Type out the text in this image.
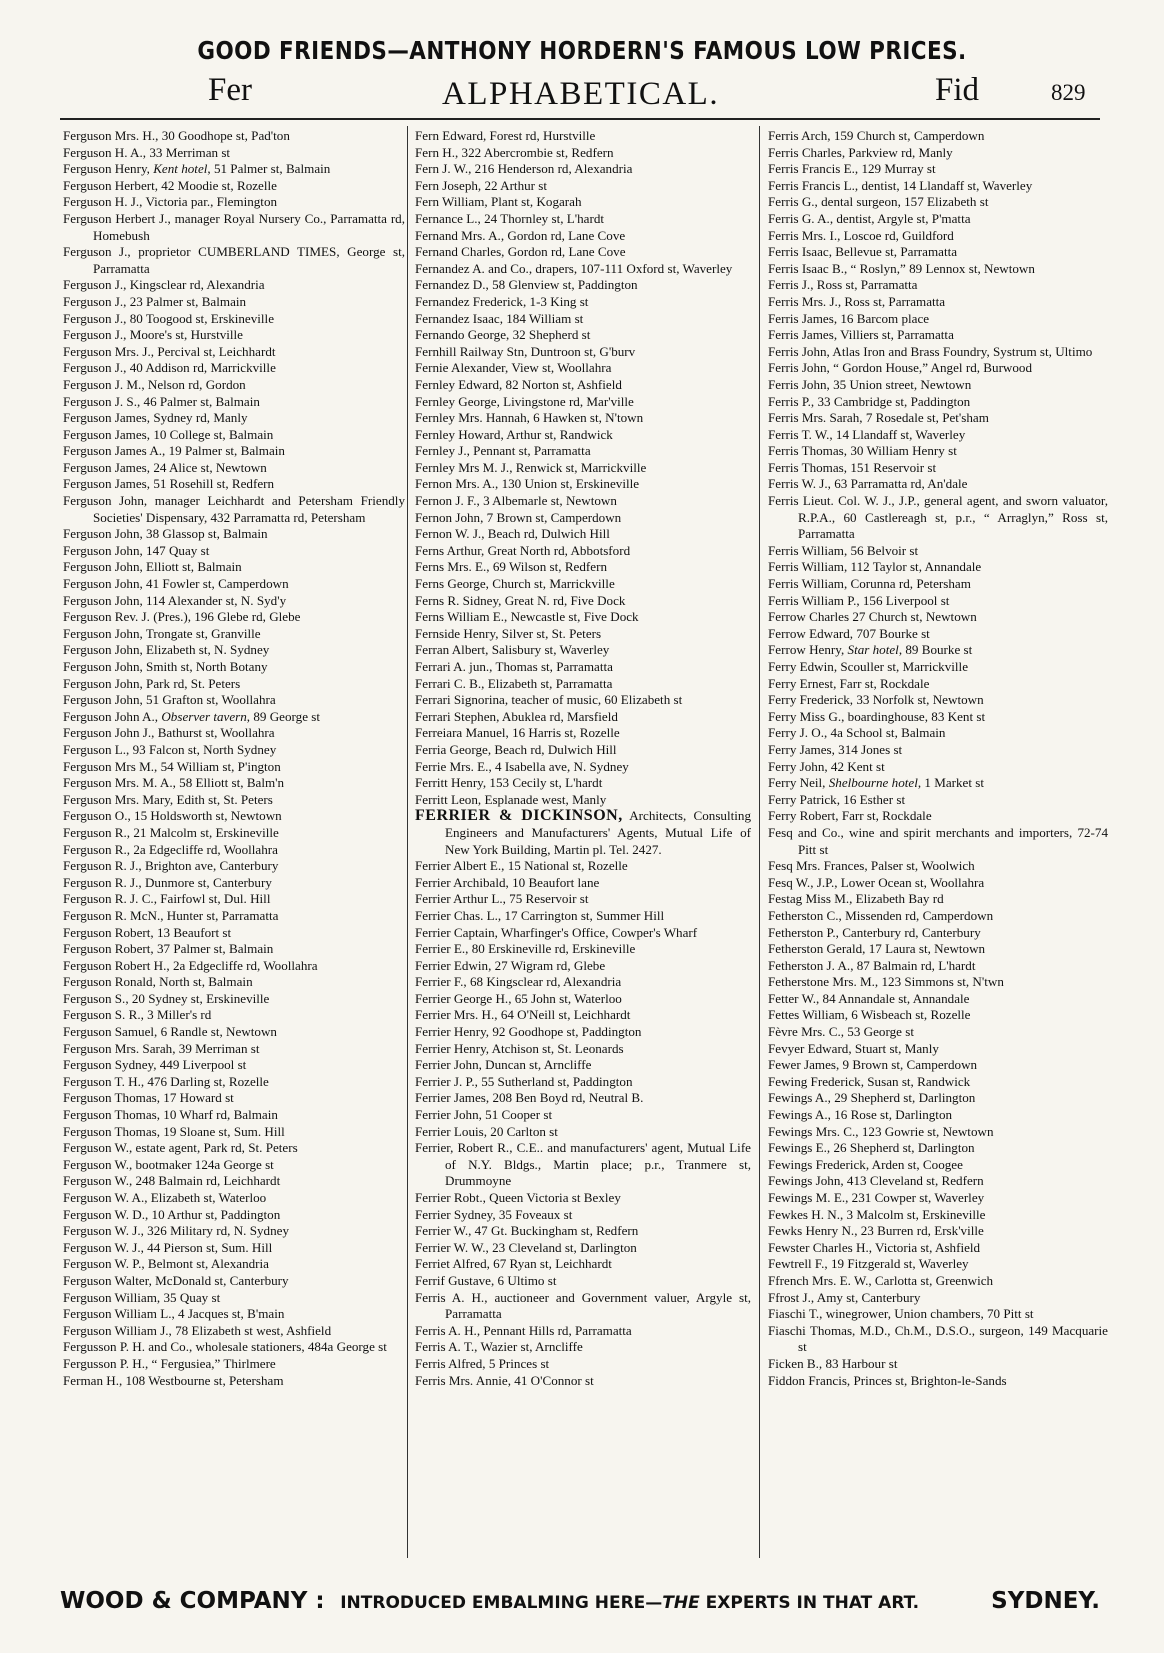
GOOD FRIENDS—ANTHONY HORDERN'S FAMOUS LOW PRICES.
Fer	ALPHABETICAL.	Fid	829
Ferguson Mrs. H., 30 Goodhope st, Pad'ton
Ferguson H. A., 33 Merriman st
Ferguson Henry, Kent hotel, 51 Palmer st, Balmain
Ferguson Herbert, 42 Moodie st, Rozelle
Ferguson H. J., Victoria par., Flemington
Ferguson Herbert J., manager Royal Nursery Co., Parramatta rd, Homebush
Ferguson J., proprietor CUMBERLAND TIMES, George st, Parramatta
Ferguson J., Kingsclear rd, Alexandria
Ferguson J., 23 Palmer st, Balmain
Ferguson J., 80 Toogood st, Erskineville
Ferguson J., Moore's st, Hurstville
Ferguson Mrs. J., Percival st, Leichhardt
Ferguson J., 40 Addison rd, Marrickville
Ferguson J. M., Nelson rd, Gordon
Ferguson J. S., 46 Palmer st, Balmain
Ferguson James, Sydney rd, Manly
Ferguson James, 10 College st, Balmain
Ferguson James A., 19 Palmer st, Balmain
Ferguson James, 24 Alice st, Newtown
Ferguson James, 51 Rosehill st, Redfern
Ferguson John, manager Leichhardt and Petersham Friendly Societies' Dispensary, 432 Parramatta rd, Petersham
Ferguson John, 38 Glassop st, Balmain
Ferguson John, 147 Quay st
Ferguson John, Elliott st, Balmain
Ferguson John, 41 Fowler st, Camperdown
Ferguson John, 114 Alexander st, N. Syd'y
Ferguson Rev. J. (Pres.), 196 Glebe rd, Glebe
Ferguson John, Trongate st, Granville
Ferguson John, Elizabeth st, N. Sydney
Ferguson John, Smith st, North Botany
Ferguson John, Park rd, St. Peters
Ferguson John, 51 Grafton st, Woollahra
Ferguson John A., Observer tavern, 89 George st
Ferguson John J., Bathurst st, Woollahra
Ferguson L., 93 Falcon st, North Sydney
Ferguson Mrs M., 54 William st, P'ington
Ferguson Mrs. M. A., 58 Elliott st, Balm'n
Ferguson Mrs. Mary, Edith st, St. Peters
Ferguson O., 15 Holdsworth st, Newtown
Ferguson R., 21 Malcolm st, Erskineville
Ferguson R., 2a Edgecliffe rd, Woollahra
Ferguson R. J., Brighton ave, Canterbury
Ferguson R. J., Dunmore st, Canterbury
Ferguson R. J. C., Fairfowl st, Dul. Hill
Ferguson R. McN., Hunter st, Parramatta
Ferguson Robert, 13 Beaufort st
Ferguson Robert, 37 Palmer st, Balmain
Ferguson Robert H., 2a Edgecliffe rd, Woollahra
Ferguson Ronald, North st, Balmain
Ferguson S., 20 Sydney st, Erskineville
Ferguson S. R., 3 Miller's rd
Ferguson Samuel, 6 Randle st, Newtown
Ferguson Mrs. Sarah, 39 Merriman st
Ferguson Sydney, 449 Liverpool st
Ferguson T. H., 476 Darling st, Rozelle
Ferguson Thomas, 17 Howard st
Ferguson Thomas, 10 Wharf rd, Balmain
Ferguson Thomas, 19 Sloane st, Sum. Hill
Ferguson W., estate agent, Park rd, St. Peters
Ferguson W., bootmaker 124a George st
Ferguson W., 248 Balmain rd, Leichhardt
Ferguson W. A., Elizabeth st, Waterloo
Ferguson W. D., 10 Arthur st, Paddington
Ferguson W. J., 326 Military rd, N. Sydney
Ferguson W. J., 44 Pierson st, Sum. Hill
Ferguson W. P., Belmont st, Alexandria
Ferguson Walter, McDonald st, Canterbury
Ferguson William, 35 Quay st
Ferguson William L., 4 Jacques st, B'main
Ferguson William J., 78 Elizabeth st west, Ashfield
Fergusson P. H. and Co., wholesale stationers, 484a George st
Fergusson P. H., “ Fergusiea,” Thirlmere
Ferman H., 108 Westbourne st, Petersham
Fern Edward, Forest rd, Hurstville
Fern H., 322 Abercrombie st, Redfern
Fern J. W., 216 Henderson rd, Alexandria
Fern Joseph, 22 Arthur st
Fern William, Plant st, Kogarah
Fernance L., 24 Thornley st, L'hardt
Fernand Mrs. A., Gordon rd, Lane Cove
Fernand Charles, Gordon rd, Lane Cove
Fernandez A. and Co., drapers, 107-111 Oxford st, Waverley
Fernandez D., 58 Glenview st, Paddington
Fernandez Frederick, 1-3 King st
Fernandez Isaac, 184 William st
Fernando George, 32 Shepherd st
Fernhill Railway Stn, Duntroon st, G'burv
Fernie Alexander, View st, Woollahra
Fernley Edward, 82 Norton st, Ashfield
Fernley George, Livingstone rd, Mar'ville
Fernley Mrs. Hannah, 6 Hawken st, N'town
Fernley Howard, Arthur st, Randwick
Fernley J., Pennant st, Parramatta
Fernley Mrs M. J., Renwick st, Marrickville
Fernon Mrs. A., 130 Union st, Erskineville
Fernon J. F., 3 Albemarle st, Newtown
Fernon John, 7 Brown st, Camperdown
Fernon W. J., Beach rd, Dulwich Hill
Ferns Arthur, Great North rd, Abbotsford
Ferns Mrs. E., 69 Wilson st, Redfern
Ferns George, Church st, Marrickville
Ferns R. Sidney, Great N. rd, Five Dock
Ferns William E., Newcastle st, Five Dock
Fernside Henry, Silver st, St. Peters
Ferran Albert, Salisbury st, Waverley
Ferrari A. jun., Thomas st, Parramatta
Ferrari C. B., Elizabeth st, Parramatta
Ferrari Signorina, teacher of music, 60 Elizabeth st
Ferrari Stephen, Abuklea rd, Marsfield
Ferreiara Manuel, 16 Harris st, Rozelle
Ferria George, Beach rd, Dulwich Hill
Ferrie Mrs. E., 4 Isabella ave, N. Sydney
Ferritt Henry, 153 Cecily st, L'hardt
Ferritt Leon, Esplanade west, Manly
FERRIER & DICKINSON, Architects, Consulting Engineers and Manufacturers' Agents, Mutual Life of New York Building, Martin pl. Tel. 2427.
Ferrier Albert E., 15 National st, Rozelle
Ferrier Archibald, 10 Beaufort lane
Ferrier Arthur L., 75 Reservoir st
Ferrier Chas. L., 17 Carrington st, Summer Hill
Ferrier Captain, Wharfinger's Office, Cowper's Wharf
Ferrier E., 80 Erskineville rd, Erskineville
Ferrier Edwin, 27 Wigram rd, Glebe
Ferrier F., 68 Kingsclear rd, Alexandria
Ferrier George H., 65 John st, Waterloo
Ferrier Mrs. H., 64 O'Neill st, Leichhardt
Ferrier Henry, 92 Goodhope st, Paddington
Ferrier Henry, Atchison st, St. Leonards
Ferrier John, Duncan st, Arncliffe
Ferrier J. P., 55 Sutherland st, Paddington
Ferrier James, 208 Ben Boyd rd, Neutral B.
Ferrier John, 51 Cooper st
Ferrier Louis, 20 Carlton st
Ferrier, Robert R., C.E.. and manufacturers' agent, Mutual Life of N.Y. Bldgs., Martin place; p.r., Tranmere st, Drummoyne
Ferrier Robt., Queen Victoria st Bexley
Ferrier Sydney, 35 Foveaux st
Ferrier W., 47 Gt. Buckingham st, Redfern
Ferrier W. W., 23 Cleveland st, Darlington
Ferriet Alfred, 67 Ryan st, Leichhardt
Ferrif Gustave, 6 Ultimo st
Ferris A. H., auctioneer and Government valuer, Argyle st, Parramatta
Ferris A. H., Pennant Hills rd, Parramatta
Ferris A. T., Wazier st, Arncliffe
Ferris Alfred, 5 Princes st
Ferris Mrs. Annie, 41 O'Connor st
Ferris Arch, 159 Church st, Camperdown
Ferris Charles, Parkview rd, Manly
Ferris Francis E., 129 Murray st
Ferris Francis L., dentist, 14 Llandaff st, Waverley
Ferris G., dental surgeon, 157 Elizabeth st
Ferris G. A., dentist, Argyle st, P'matta
Ferris Mrs. I., Loscoe rd, Guildford
Ferris Isaac, Bellevue st, Parramatta
Ferris Isaac B., “ Roslyn,” 89 Lennox st, Newtown
Ferris J., Ross st, Parramatta
Ferris Mrs. J., Ross st, Parramatta
Ferris James, 16 Barcom place
Ferris James, Villiers st, Parramatta
Ferris John, Atlas Iron and Brass Foundry, Systrum st, Ultimo
Ferris John, “ Gordon House,” Angel rd, Burwood
Ferris John, 35 Union street, Newtown
Ferris P., 33 Cambridge st, Paddington
Ferris Mrs. Sarah, 7 Rosedale st, Pet'sham
Ferris T. W., 14 Llandaff st, Waverley
Ferris Thomas, 30 William Henry st
Ferris Thomas, 151 Reservoir st
Ferris W. J., 63 Parramatta rd, An'dale
Ferris Lieut. Col. W. J., J.P., general agent, and sworn valuator, R.P.A., 60 Castlereagh st, p.r., “ Arraglyn,” Ross st, Parramatta
Ferris William, 56 Belvoir st
Ferris William, 112 Taylor st, Annandale
Ferris William, Corunna rd, Petersham
Ferris William P., 156 Liverpool st
Ferrow Charles 27 Church st, Newtown
Ferrow Edward, 707 Bourke st
Ferrow Henry, Star hotel, 89 Bourke st
Ferry Edwin, Scouller st, Marrickville
Ferry Ernest, Farr st, Rockdale
Ferry Frederick, 33 Norfolk st, Newtown
Ferry Miss G., boardinghouse, 83 Kent st
Ferry J. O., 4a School st, Balmain
Ferry James, 314 Jones st
Ferry John, 42 Kent st
Ferry Neil, Shelbourne hotel, 1 Market st
Ferry Patrick, 16 Esther st
Ferry Robert, Farr st, Rockdale
Fesq and Co., wine and spirit merchants and importers, 72-74 Pitt st
Fesq Mrs. Frances, Palser st, Woolwich
Fesq W., J.P., Lower Ocean st, Woollahra
Festag Miss M., Elizabeth Bay rd
Fetherston C., Missenden rd, Camperdown
Fetherston P., Canterbury rd, Canterbury
Fetherston Gerald, 17 Laura st, Newtown
Fetherston J. A., 87 Balmain rd, L'hardt
Fetherstone Mrs. M., 123 Simmons st, N'twn
Fetter W., 84 Annandale st, Annandale
Fettes William, 6 Wisbeach st, Rozelle
Fèvre Mrs. C., 53 George st
Fevyer Edward, Stuart st, Manly
Fewer James, 9 Brown st, Camperdown
Fewing Frederick, Susan st, Randwick
Fewings A., 29 Shepherd st, Darlington
Fewings A., 16 Rose st, Darlington
Fewings Mrs. C., 123 Gowrie st, Newtown
Fewings E., 26 Shepherd st, Darlington
Fewings Frederick, Arden st, Coogee
Fewings John, 413 Cleveland st, Redfern
Fewings M. E., 231 Cowper st, Waverley
Fewkes H. N., 3 Malcolm st, Erskineville
Fewks Henry N., 23 Burren rd, Ersk'ville
Fewster Charles H., Victoria st, Ashfield
Fewtrell F., 19 Fitzgerald st, Waverley
Ffrench Mrs. E. W., Carlotta st, Greenwich
Ffrost J., Amy st, Canterbury
Fiaschi T., winegrower, Union chambers, 70 Pitt st
Fiaschi Thomas, M.D., Ch.M., D.S.O., surgeon, 149 Macquarie st
Ficken B., 83 Harbour st
Fiddon Francis, Princes st, Brighton-le-Sands
WOOD & COMPANY : INTRODUCED EMBALMING HERE—THE EXPERTS IN THAT ART.	SYDNEY.
